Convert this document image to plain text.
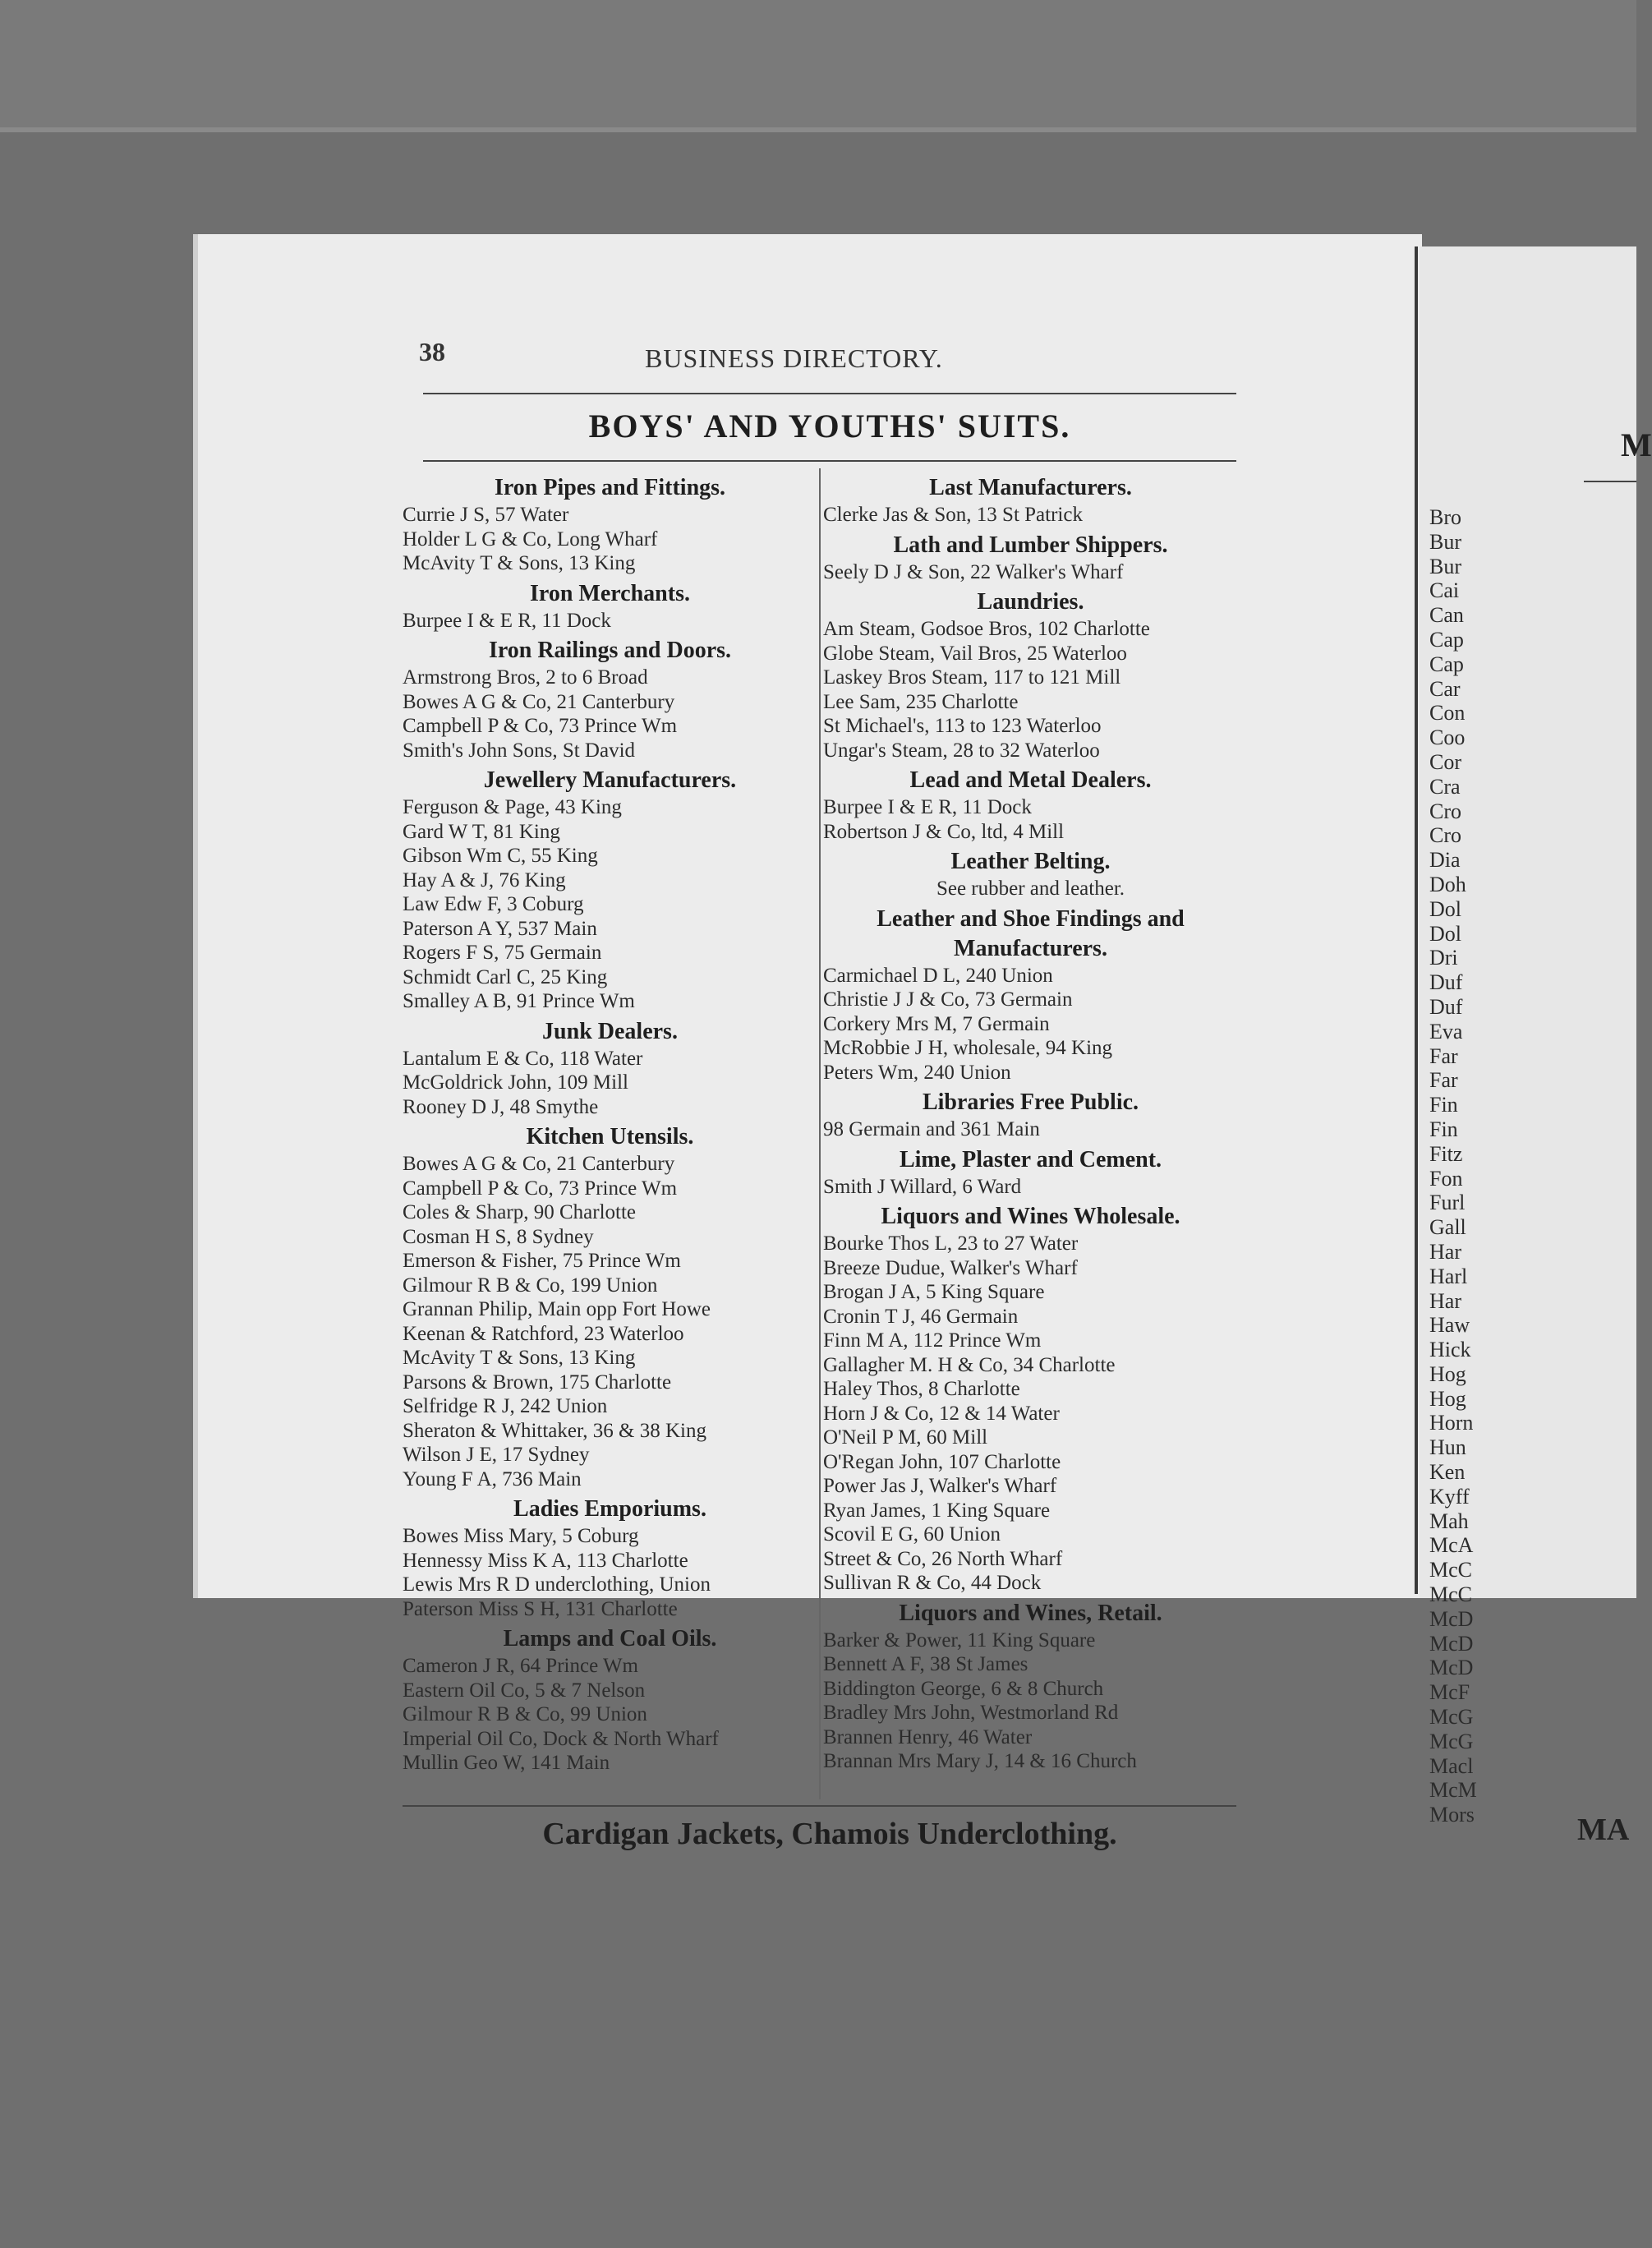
M
Bro
Bur
Bur
Cai
Can
Cap
Cap
Car
Con
Coo
Cor
Cra
Cro
Cro
Dia
Doh
Dol
Dol
Dri
Duf
Duf
Eva
Far
Far
Fin
Fin
Fitz
Fon
Furl
Gall
Har
Harl
Har
Haw
Hick
Hog
Hog
Horn
Hun
Ken
Kyff
Mah
McA
McC
McC
McD
McD
McD
McF
McG
McG
Macl
McM
Mors	MA
38	BUSINESS DIRECTORY.
BOYS' AND YOUTHS' SUITS.
Iron Pipes and Fittings.
Currie J S, 57 Water
Holder L G & Co, Long Wharf
McAvity T & Sons, 13 King
Iron Merchants.
Burpee I & E R, 11 Dock
Iron Railings and Doors.
Armstrong Bros, 2 to 6 Broad
Bowes A G & Co, 21 Canterbury
Campbell P & Co, 73 Prince Wm
Smith's John Sons, St David
Jewellery Manufacturers.
Ferguson & Page, 43 King
Gard W T, 81 King
Gibson Wm C, 55 King
Hay A & J, 76 King
Law Edw F, 3 Coburg
Paterson A Y, 537 Main
Rogers F S, 75 Germain
Schmidt Carl C, 25 King
Smalley A B, 91 Prince Wm
Junk Dealers.
Lantalum E & Co, 118 Water
McGoldrick John, 109 Mill
Rooney D J, 48 Smythe
Kitchen Utensils.
Bowes A G & Co, 21 Canterbury
Campbell P & Co, 73 Prince Wm
Coles & Sharp, 90 Charlotte
Cosman H S, 8 Sydney
Emerson & Fisher, 75 Prince Wm
Gilmour R B & Co, 199 Union
Grannan Philip, Main opp Fort Howe
Keenan & Ratchford, 23 Waterloo
McAvity T & Sons, 13 King
Parsons & Brown, 175 Charlotte
Selfridge R J, 242 Union
Sheraton & Whittaker, 36 & 38 King
Wilson J E, 17 Sydney
Young F A, 736 Main
Ladies Emporiums.
Bowes Miss Mary, 5 Coburg
Hennessy Miss K A, 113 Charlotte
Lewis Mrs R D underclothing, Union
Paterson Miss S H, 131 Charlotte
Lamps and Coal Oils.
Cameron J R, 64 Prince Wm
Eastern Oil Co, 5 & 7 Nelson
Gilmour R B & Co, 99 Union
Imperial Oil Co, Dock & North Wharf
Mullin Geo W, 141 Main
Last Manufacturers.
Clerke Jas & Son, 13 St Patrick
Lath and Lumber Shippers.
Seely D J & Son, 22 Walker's Wharf
Laundries.
Am Steam, Godsoe Bros, 102 Charlotte
Globe Steam, Vail Bros, 25 Waterloo
Laskey Bros Steam, 117 to 121 Mill
Lee Sam, 235 Charlotte
St Michael's, 113 to 123 Waterloo
Ungar's Steam, 28 to 32 Waterloo
Lead and Metal Dealers.
Burpee I & E R, 11 Dock
Robertson J & Co, ltd, 4 Mill
Leather Belting.
See rubber and leather.
Leather and Shoe Findings and Manufacturers.
Carmichael D L, 240 Union
Christie J J & Co, 73 Germain
Corkery Mrs M, 7 Germain
McRobbie J H, wholesale, 94 King
Peters Wm, 240 Union
Libraries Free Public.
98 Germain and 361 Main
Lime, Plaster and Cement.
Smith J Willard, 6 Ward
Liquors and Wines Wholesale.
Bourke Thos L, 23 to 27 Water
Breeze Dudue, Walker's Wharf
Brogan J A, 5 King Square
Cronin T J, 46 Germain
Finn M A, 112 Prince Wm
Gallagher M. H & Co, 34 Charlotte
Haley Thos, 8 Charlotte
Horn J & Co, 12 & 14 Water
O'Neil P M, 60 Mill
O'Regan John, 107 Charlotte
Power Jas J, Walker's Wharf
Ryan James, 1 King Square
Scovil E G, 60 Union
Street & Co, 26 North Wharf
Sullivan R & Co, 44 Dock
Liquors and Wines, Retail.
Barker & Power, 11 King Square
Bennett A F, 38 St James
Biddington George, 6 & 8 Church
Bradley Mrs John, Westmorland Rd
Brannen Henry, 46 Water
Brannan Mrs Mary J, 14 & 16 Church
Cardigan Jackets, Chamois Underclothing.
